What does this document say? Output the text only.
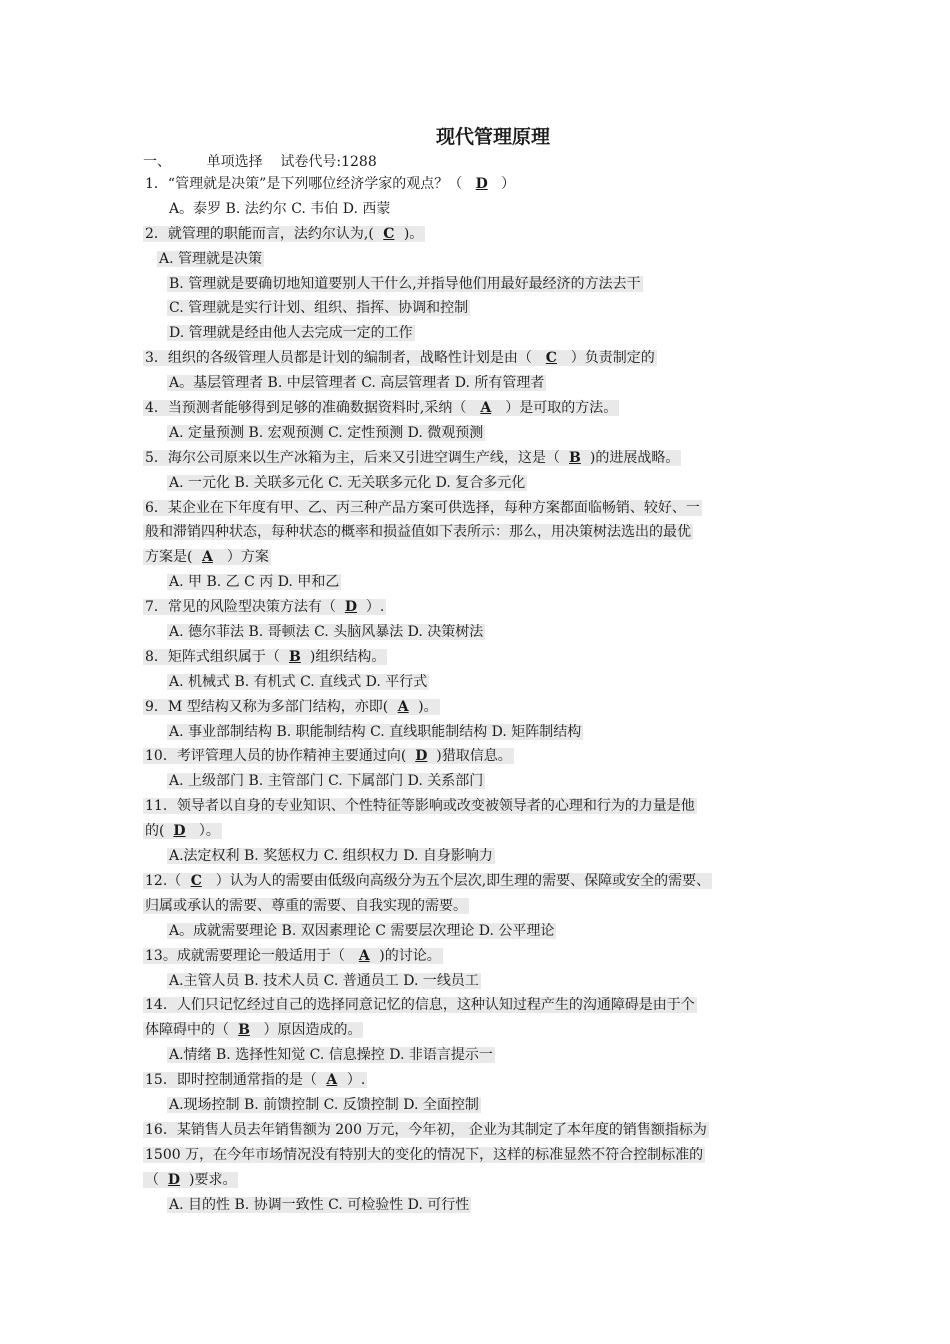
现代管理原理
一、        单项选择    试卷代号:1288
1．“管理就是决策”是下列哪位经济学家的观点？（ D ）
A。泰罗 B. 法约尔 C. 韦伯 D. 西蒙
2．就管理的职能而言，法约尔认为,( C )。
A. 管理就是决策
B. 管理就是要确切地知道要别人干什么,并指导他们用最好最经济的方法去干
C. 管理就是实行计划、组织、指挥、协调和控制
D. 管理就是经由他人去完成一定的工作
3．组织的各级管理人员都是计划的编制者，战略性计划是由（ C ）负责制定的
A。基层管理者 B. 中层管理者 C. 高层管理者 D. 所有管理者
4．当预测者能够得到足够的准确数据资料时,采纳（ A ）是可取的方法。
A. 定量预测 B. 宏观预测 C. 定性预测 D. 微观预测
5．海尔公司原来以生产冰箱为主，后来又引进空调生产线，这是（ B )的进展战略。
A. 一元化 B. 关联多元化 C. 无关联多元化 D. 复合多元化
6．某企业在下年度有甲、乙、丙三种产品方案可供选择，每种方案都面临畅销、较好、一
般和滞销四种状态，每种状态的概率和损益值如下表所示：那么，用决策树法选出的最优
方案是( A ）方案
A. 甲 B. 乙 C 丙 D. 甲和乙
7．常见的风险型决策方法有（ D ）.
A. 德尔菲法 B. 哥顿法 C. 头脑风暴法 D. 决策树法
8．矩阵式组织属于（ B )组织结构。
A. 机械式 B. 有机式 C. 直线式 D. 平行式
9．M 型结构又称为多部门结构，亦即( A )。
A. 事业部制结构 B. 职能制结构 C. 直线职能制结构 D. 矩阵制结构
10．考评管理人员的协作精神主要通过向( D )猎取信息。
A. 上级部门 B. 主管部门 C. 下属部门 D. 关系部门
11．领导者以自身的专业知识、个性特征等影响或改变被领导者的心理和行为的力量是他
的( D ）。
A.法定权利 B. 奖惩权力 C. 组织权力 D. 自身影响力
12.（ C ）认为人的需要由低级向高级分为五个层次,即生理的需要、保障或安全的需要、
归属或承认的需要、尊重的需要、自我实现的需要。
A。成就需要理论 B. 双因素理论 C 需要层次理论 D. 公平理论
13。成就需要理论一般适用于（ A )的讨论。
A.主管人员 B. 技术人员 C. 普通员工 D. 一线员工
14．人们只记忆经过自己的选择同意记忆的信息，这种认知过程产生的沟通障碍是由于个
体障碍中的（ B ）原因造成的。
A.情绪 B. 选择性知觉 C. 信息操控 D. 非语言提示一
15．即时控制通常指的是（ A ）.
A.现场控制 B. 前馈控制 C. 反馈控制 D. 全面控制
16．某销售人员去年销售额为 200 万元，今年初， 企业为其制定了本年度的销售额指标为
1500 万，在今年市场情况没有特别大的变化的情况下，这样的标准显然不符合控制标准的
（ D )要求。
A. 目的性 B. 协调一致性 C. 可检验性 D. 可行性
